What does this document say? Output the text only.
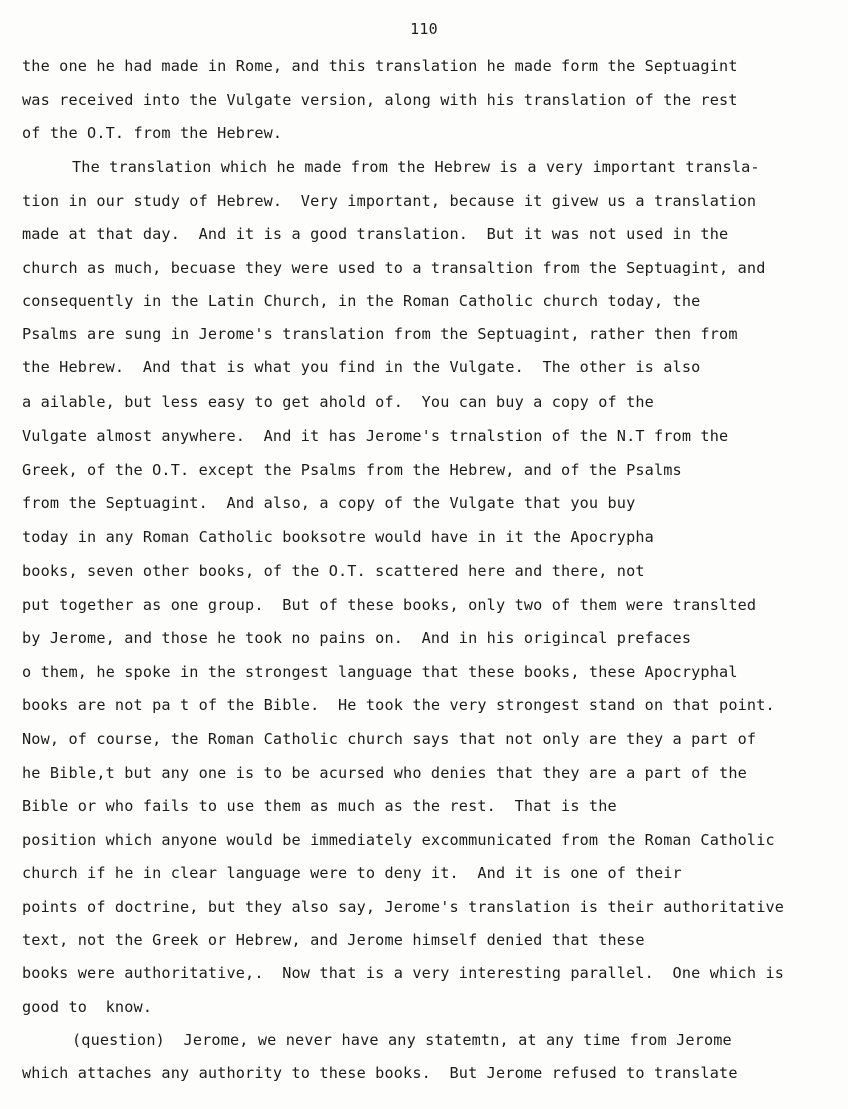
110
the one he had made in Rome, and this translation he made form the Septuagint
was received into the Vulgate version, along with his translation of the rest
of the O.T. from the Hebrew.
The translation which he made from the Hebrew is a very important transla-
tion in our study of Hebrew.  Very important, because it givew us a translation
made at that day.  And it is a good translation.  But it was not used in the
church as much, becuase they were used to a transaltion from the Septuagint, and
consequently in the Latin Church, in the Roman Catholic church today, the
Psalms are sung in Jerome's translation from the Septuagint, rather then from
the Hebrew.  And that is what you find in the Vulgate.  The other is also
a ailable, but less easy to get ahold of.  You can buy a copy of the
Vulgate almost anywhere.  And it has Jerome's trnalstion of the N.T from the
Greek, of the O.T. except the Psalms from the Hebrew, and of the Psalms
from the Septuagint.  And also, a copy of the Vulgate that you buy
today in any Roman Catholic booksotre would have in it the Apocrypha
books, seven other books, of the O.T. scattered here and there, not
put together as one group.  But of these books, only two of them were translted
by Jerome, and those he took no pains on.  And in his origincal prefaces
o them, he spoke in the strongest language that these books, these Apocryphal
books are not pa t of the Bible.  He took the very strongest stand on that point.
Now, of course, the Roman Catholic church says that not only are they a part of
he Bible,t but any one is to be acursed who denies that they are a part of the
Bible or who fails to use them as much as the rest.  That is the
position which anyone would be immediately excommunicated from the Roman Catholic
church if he in clear language were to deny it.  And it is one of their
points of doctrine, but they also say, Jerome's translation is their authoritative
text, not the Greek or Hebrew, and Jerome himself denied that these
books were authoritative,.  Now that is a very interesting parallel.  One which is
good to  know.
(question)  Jerome, we never have any statemtn, at any time from Jerome
which attaches any authority to these books.  But Jerome refused to translate
